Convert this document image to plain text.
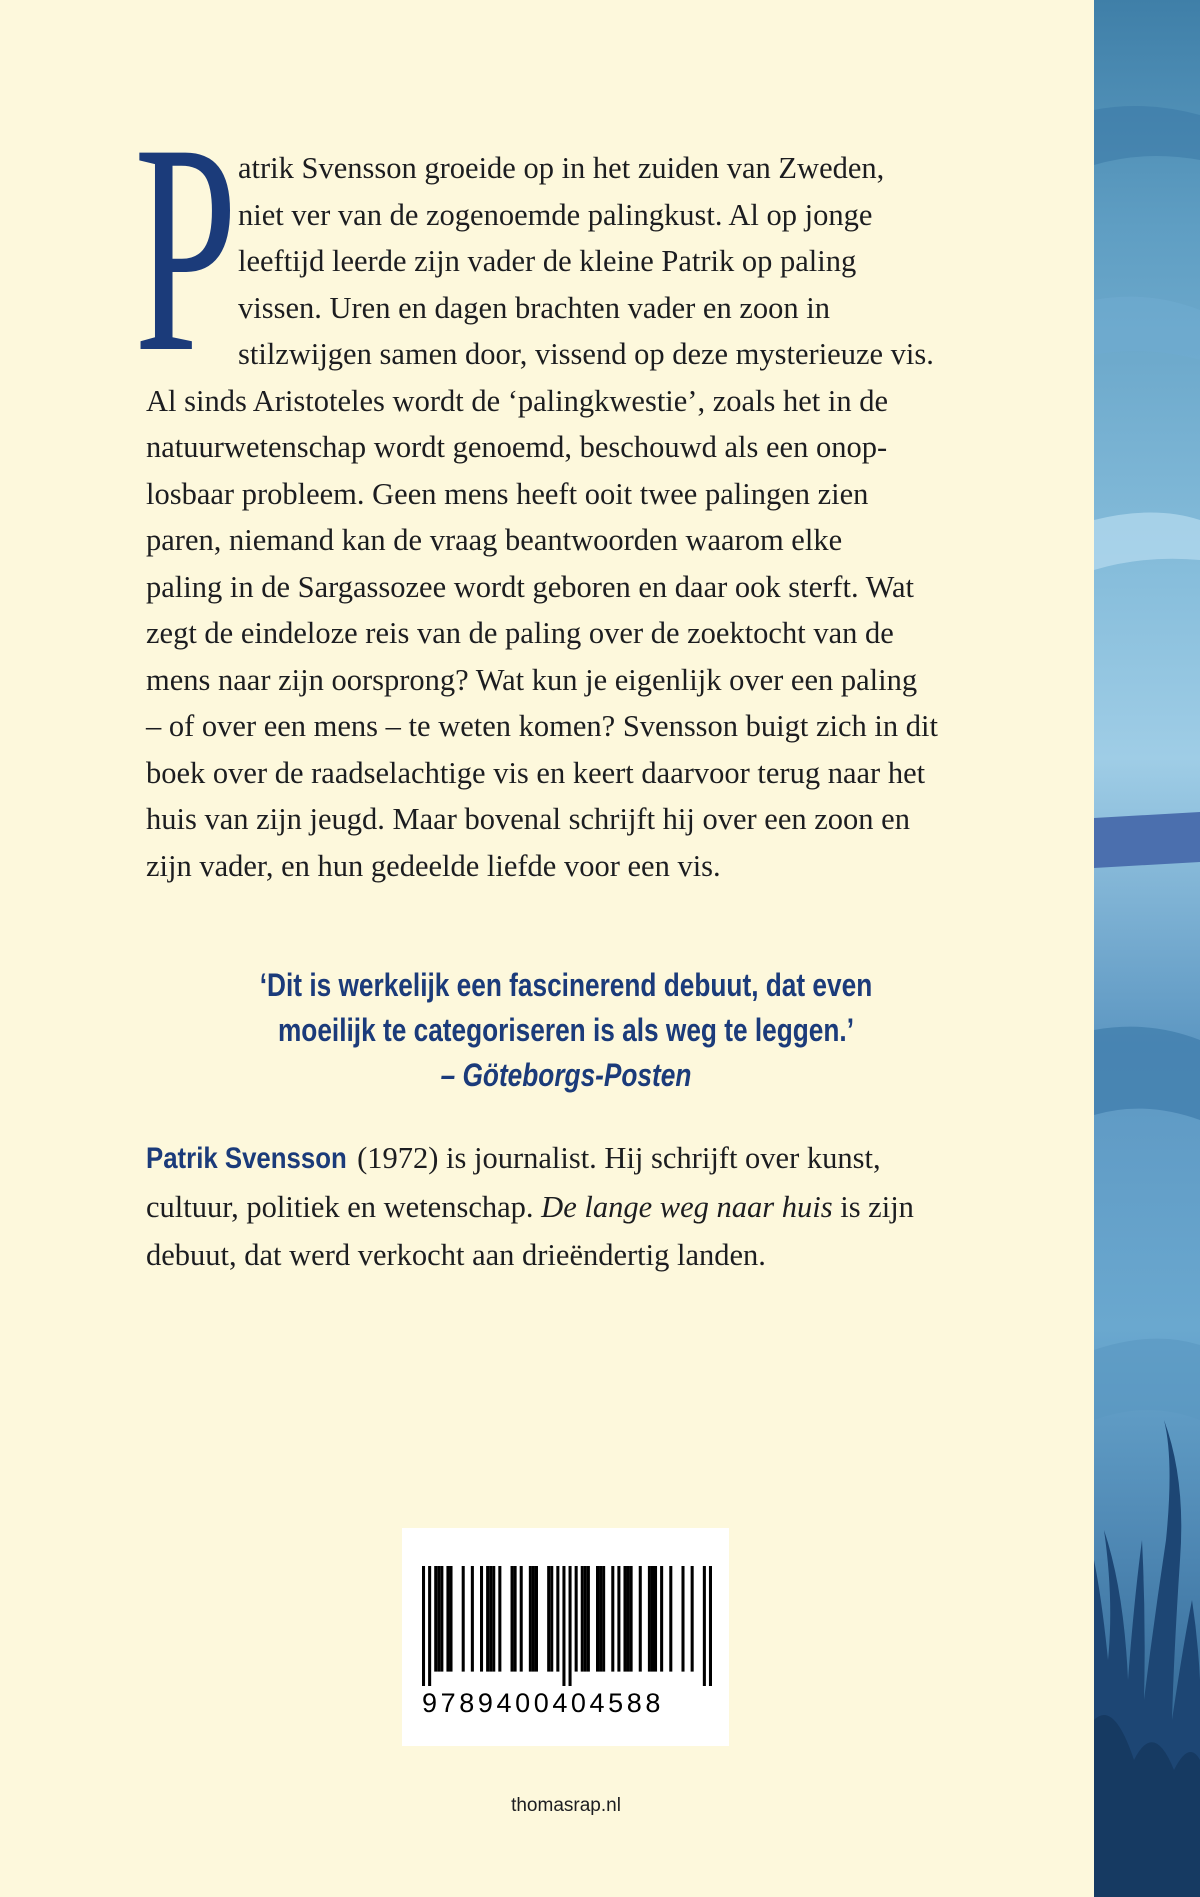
P atrik Svensson groeide op in het zuiden van Zweden,

niet ver van de zogenoemde palingkust. Al op jonge

leeftijd leerde zijn vader de kleine Patrik op paling

vissen. Uren en dagen brachten vader en zoon in

stilzwijgen samen door, vissend op deze mysterieuze vis.

Al sinds Aristoteles wordt de ‘palingkwestie’, zoals het in de

natuurwetenschap wordt genoemd, beschouwd als een onop-

losbaar probleem. Geen mens heeft ooit twee palingen zien

paren, niemand kan de vraag beantwoorden waarom elke

paling in de Sargassozee wordt geboren en daar ook sterft. Wat

zegt de eindeloze reis van de paling over de zoektocht van de

mens naar zijn oorsprong? Wat kun je eigenlijk over een paling

– of over een mens – te weten komen? Svensson buigt zich in dit

boek over de raadselachtige vis en keert daarvoor terug naar het

huis van zijn jeugd. Maar bovenal schrijft hij over een zoon en

zijn vader, en hun gedeelde liefde voor een vis.

‘Dit is werkelijk een fascinerend debuut, dat even
moeilijk te categoriseren is als weg te leggen.’
– Göteborgs-Posten

Patrik Svensson (1972) is journalist. Hij schrijft over kunst,

cultuur, politiek en wetenschap. De lange weg naar huis is zijn

debuut, dat werd verkocht aan drieëndertig landen.

9789400404588
thomasrap.nl
